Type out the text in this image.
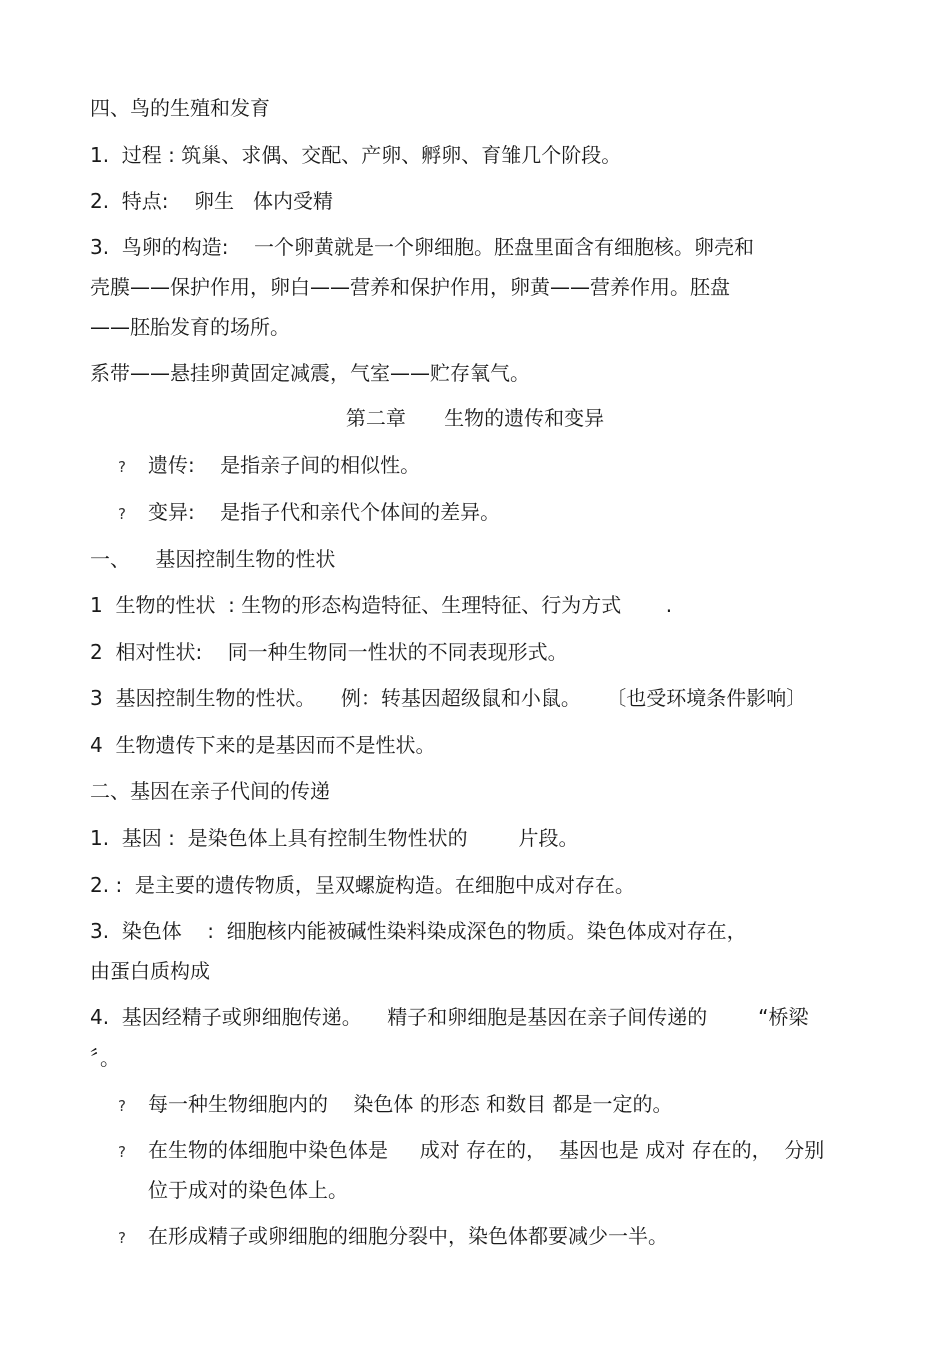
四、鸟的生殖和发育
1.  过程 : 筑巢、求偶、交配、产卵、孵卵、育雏几个阶段。
2.  特点:    卵生   体内受精
3.  鸟卵的构造:    一个卵黄就是一个卵细胞。胚盘里面含有细胞核。卵壳和
壳膜——保护作用，卵白——营养和保护作用，卵黄——营养作用。胚盘
——胚胎发育的场所。
系带——悬挂卵黄固定减震，气室——贮存氧气。
第二章      生物的遗传和变异
? 遗传:    是指亲子间的相似性。
? 变异:    是指子代和亲代个体间的差异。
一、    基因控制生物的性状
1  生物的性状  : 生物的形态构造特征、生理特征、行为方式       .
2  相对性状:    同一种生物同一性状的不同表现形式。
3  基因控制生物的性状。    例：转基因超级鼠和小鼠。    〔也受环境条件影响〕
4  生物遗传下来的是基因而不是性状。
二、基因在亲子代间的传递
1.  基因 :  是染色体上具有控制生物性状的        片段。
2. :  是主要的遗传物质，呈双螺旋构造。在细胞中成对存在。
3.  染色体    :  细胞核内能被碱性染料染成深色的物质。染色体成对存在，
由蛋白质构成
4.  基因经精子或卵细胞传递。    精子和卵细胞是基因在亲子间传递的        “桥梁
〞。
? 每一种生物细胞内的    染色体 的形态 和数目 都是一定的。
? 在生物的体细胞中染色体是     成对 存在的，  基因也是 成对 存在的，  分别
位于成对的染色体上。
? 在形成精子或卵细胞的细胞分裂中，染色体都要减少一半。
